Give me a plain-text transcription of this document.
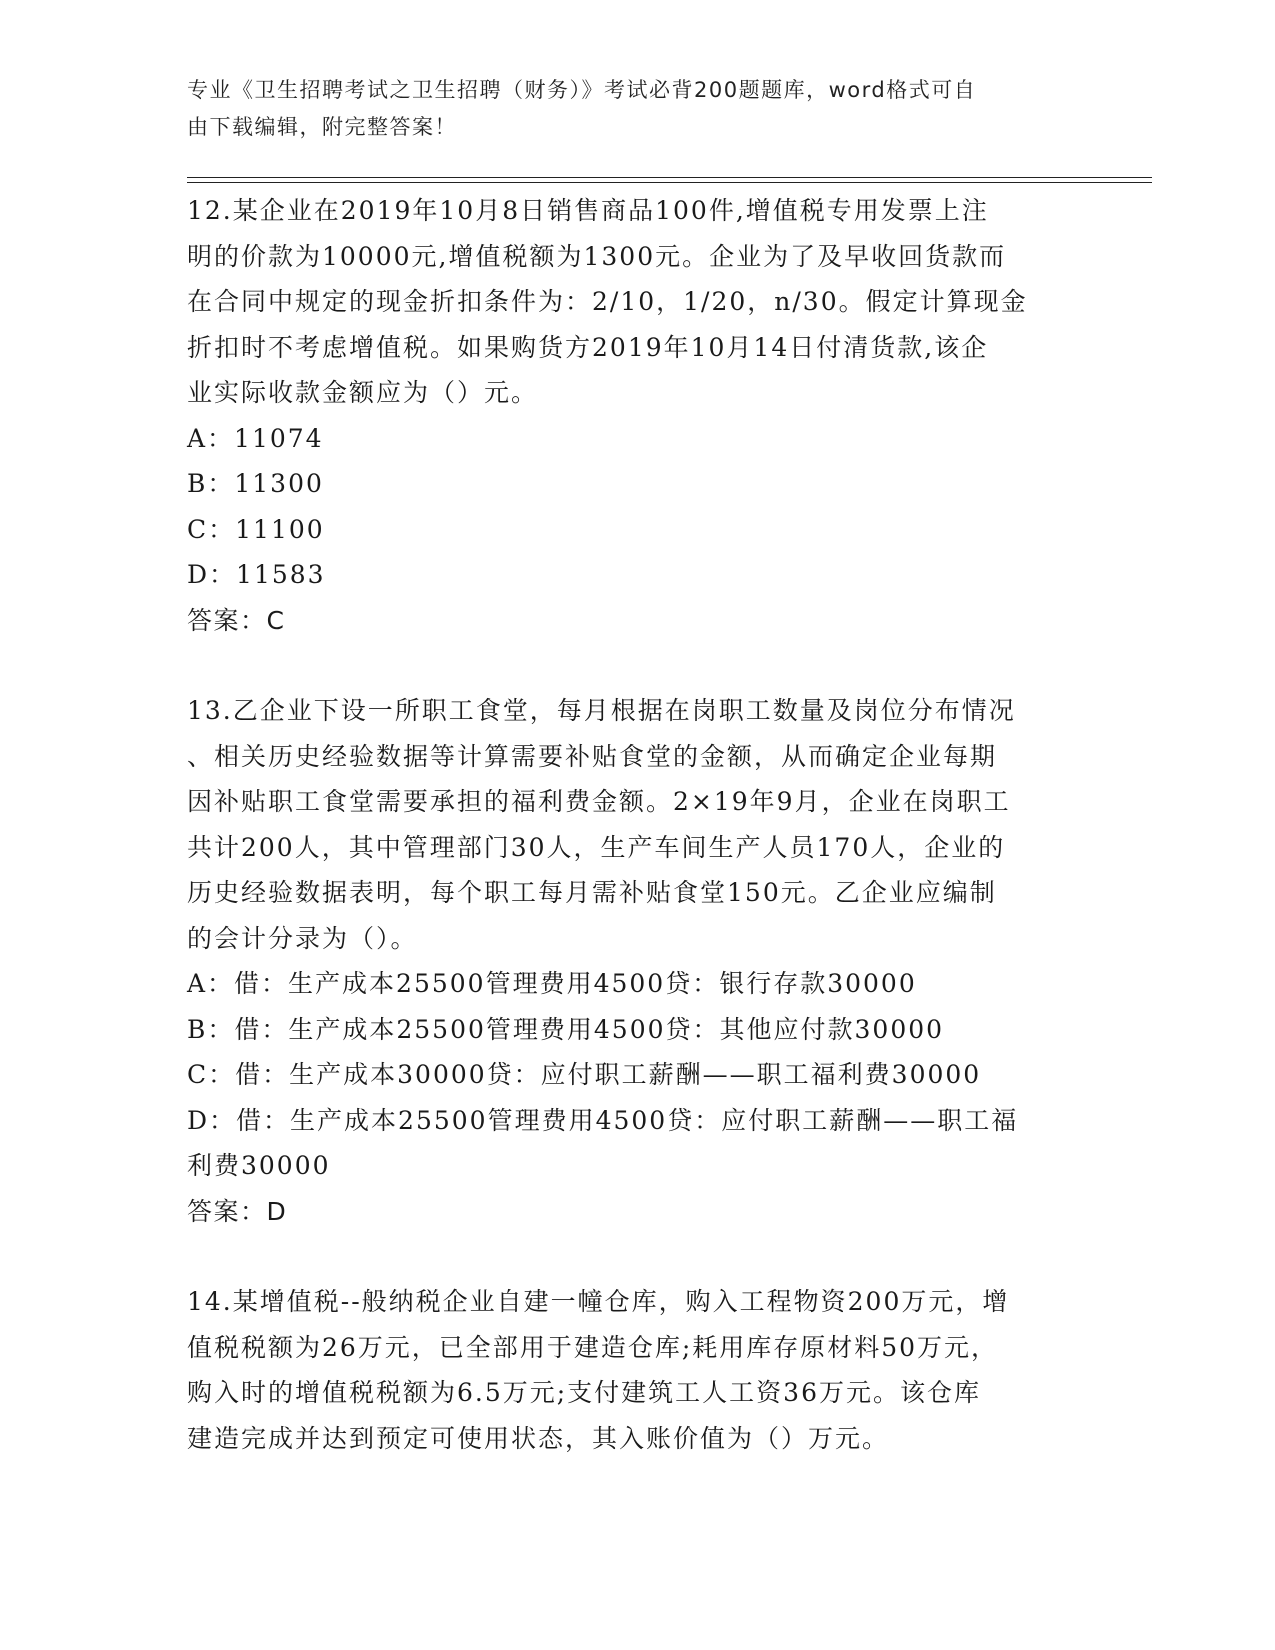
专业《卫生招聘考试之卫生招聘（财务）》考试必背200题题库，word格式可自
由下载编辑，附完整答案！
12.某企业在2019年10月8日销售商品100件,增值税专用发票上注
明的价款为10000元,增值税额为1300元。企业为了及早收回货款而
在合同中规定的现金折扣条件为：2/10，1/20，n/30。假定计算现金
折扣时不考虑增值税。如果购货方2019年10月14日付清货款,该企
业实际收款金额应为（）元。
A：11074
B：11300
C：11100
D：11583
答案：C
13.乙企业下设一所职工食堂，每月根据在岗职工数量及岗位分布情况
、相关历史经验数据等计算需要补贴食堂的金额，从而确定企业每期
因补贴职工食堂需要承担的福利费金额。2×19年9月，企业在岗职工
共计200人，其中管理部门30人，生产车间生产人员170人，企业的
历史经验数据表明，每个职工每月需补贴食堂150元。乙企业应编制
的会计分录为（）。
A：借：生产成本25500管理费用4500贷：银行存款30000
B：借：生产成本25500管理费用4500贷：其他应付款30000
C：借：生产成本30000贷：应付职工薪酬——职工福利费30000
D：借：生产成本25500管理费用4500贷：应付职工薪酬——职工福
利费30000
答案：D
14.某增值税--般纳税企业自建一幢仓库，购入工程物资200万元，增
值税税额为26万元，已全部用于建造仓库;耗用库存原材料50万元，
购入时的增值税税额为6.5万元;支付建筑工人工资36万元。该仓库
建造完成并达到预定可使用状态，其入账价值为（）万元。
